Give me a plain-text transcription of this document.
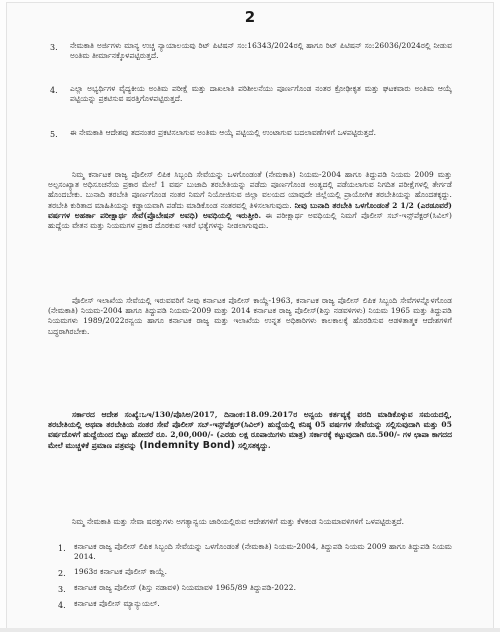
2
3. ನೇಮಕಾತಿ ಅರ್ಜಿಗಳು ಮಾನ್ಯ ಉಚ್ಚ ನ್ಯಾಯಾಲಯವು ರಿಟ್ ಪಿಟಿಷನ್ ಸಂ:16343/2024ರಲ್ಲಿ ಹಾಗೂ ರಿಟ್ ಪಿಟಿಷನ್ ಸಂ:26036/2024ರಲ್ಲಿ ನೀಡುವ ಅಂತಿಮ ತೀರ್ಮಾನಕ್ಕೊಳಪಟ್ಟಿರುತ್ತದೆ.
4. ಎಲ್ಲಾ ಅಭ್ಯರ್ಥಿಗಳ ವೈದ್ಯಕೀಯ ಅಂತಿಮ ಪರೀಕ್ಷೆ ಮತ್ತು ದಾಖಲಾತಿ ಪರಿಶೀಲನೆಯು ಪೂರ್ಣಗೊಂಡ ನಂತರ ಕ್ರೋಢೀಕೃತ ಮತ್ತು ಘಟಕವಾರು ಅಂತಿಮ ಆಯ್ಕೆ ಪಟ್ಟಿಯನ್ನು ಪ್ರಕಟಿಸುವ ಷರತ್ತಿಗೊಳಪಟ್ಟಿರುತ್ತದೆ.
5. ಈ ನೇಮಕಾತಿ ಆದೇಶವು ತದನಂತರ ಪ್ರಕಟಿಸಲಾಗುವ ಅಂತಿಮ ಆಯ್ಕೆ ಪಟ್ಟಿಯಲ್ಲಿ ಉಂಟಾಗುವ ಬದಲಾವಣೆಗಳಿಗೆ ಒಳಪಟ್ಟಿರುತ್ತದೆ.
ನಿಮ್ಮ ಕರ್ನಾಟಕ ರಾಜ್ಯ ಪೊಲೀಸ್ ಲಿಪಿಕ ಸಿಬ್ಬಂದಿ ಸೇವೆಯನ್ನು ಒಳಗೊಂಡಂತೆ (ನೇಮಕಾತಿ) ನಿಯಮ-2004 ಹಾಗೂ ತಿದ್ದುಪಡಿ ನಿಯಮ 2009 ಮತ್ತು ಅಲ್ಪಸಂಖ್ಯಾತ ಅಧಿಸೂಚನೆಯ ಪ್ರಕಾರ ಮೇಲೆ 1 ವರ್ಷ ಬುಜಾದಿ ತರಬೇತಿಯನ್ನು ಪಡೆದು ಪೂರ್ಣಗೊಂಡ ಅಂತ್ಯದಲ್ಲಿ ಪಡೆಯಲಾಗುವ ನಿಗದಿತ ಪರೀಕ್ಷೆಗಳಲ್ಲಿ ತೇರ್ಗಡೆ ಹೊಂದಬೇಕು. ಬುನಾದಿ ತರಬೇತಿ ಪೂರ್ಣಗೊಂಡ ನಂತರ ನಿಮಗೆ ನಿಯೋಜಿಸುವ ಜಿಲ್ಲಾ ವಲಯದ ಯಾವುದೇ ಜಿಲ್ಲೆಯಲ್ಲಿ ಪ್ರಾಯೋಗಿಕ ತರಬೇತಿಯನ್ನು ಹೊಂದತಕ್ಕದ್ದು. ತರಬೇತಿ ಕುರಿತಾದ ಮಾಹಿತಿಯನ್ನು ಕಡ್ಡಾಯವಾಗಿ ಪಡೆದು ಮಾಡಿಕೊಂಡ ನಂತರವಲ್ಲಿ ತಿಳಿಸಲಾಗುವುದು. ನೀವು ಬುನಾದಿ ತರಬೇತಿ ಒಳಗೊಂಡಂತೆ 2 1/2 (ಎರಡೂವರೆ) ವರ್ಷಗಳ ಅಹರ್ತಾ ಪರೀಕ್ಷಾರ್ಥ ಸೇವೆ(ಪ್ರೊಬೇಷನ್ ಅವಧಿ) ಅವಧಿಯಲ್ಲಿ ಇರುತ್ತೀರಿ. ಈ ಪರೀಕ್ಷಾರ್ಥ ಅವಧಿಯಲ್ಲಿ ನಿಮಗೆ ಪೊಲೀಸ್ ಸಬ್-ಇನ್ಸ್‌ಪೆಕ್ಟರ್(ಸಿವಿಲ್) ಹುದ್ದೆಯ ವೇತನ ಮತ್ತು ನಿಯಮಗಳ ಪ್ರಕಾರ ದೊರಕುವ ಇತರೆ ಭತ್ಯೆಗಳನ್ನು ನೀಡಲಾಗುವುದು.
ಪೊಲೀಸ್ ಇಲಾಖೆಯ ಸೇವೆಯಲ್ಲಿ ಇರುವವರಿಗೆ ನೀವು ಕರ್ನಾಟಕ ಪೊಲೀಸ್ ಕಾಯ್ದೆ-1963, ಕರ್ನಾಟಕ ರಾಜ್ಯ ಪೊಲೀಸ್ ಲಿಪಿಕ ಸಿಬ್ಬಂದಿ ಸೇವೆಗಳನ್ನೊಳಗೊಂಡ (ನೇಮಕಾತಿ) ನಿಯಮ-2004 ಹಾಗೂ ತಿದ್ದುಪಡಿ ನಿಯಮ-2009 ಮತ್ತು 2014 ಕರ್ನಾಟಕ ರಾಜ್ಯ ಪೊಲೀಸ್(ಶಿಸ್ತು ನಡವಳಿಗಳು) ನಿಯಮ 1965 ಮತ್ತು ತಿದ್ದುಪಡಿ ನಿಯಮಗಳು 1989/2022ರನ್ವಯ ಹಾಗೂ ಕರ್ನಾಟಕ ರಾಜ್ಯ ಮತ್ತು ಇಲಾಖೆಯ ಉನ್ನತ ಅಧಿಕಾರಿಗಳು ಕಾಲಕಾಲಕ್ಕೆ ಹೊರಡಿಸುವ ಆಡಳಿತಾತ್ಮಕ ಆದೇಶಗಳಿಗೆ ಬದ್ಧರಾಗಿರಬೇಕು.
ಸರ್ಕಾರದ ಆದೇಶ ಸಂಖ್ಯೆ:ಒಇ/130/ಪೊಸಿಅ/2017, ದಿನಾಂಕ:18.09.2017ರ ಅನ್ವಯ ಕರ್ತವ್ಯಕ್ಕೆ ವರದಿ ಮಾಡಿಕೊಳ್ಳುವ ಸಮಯದಲ್ಲಿ, ತರಬೇತಿಯಲ್ಲಿ ಅಥವಾ ತರಬೇತಿಯ ನಂತರ ಸೇವೆ ಪೊಲೀಸ್ ಸಬ್-ಇನ್ಸ್‌ಪೆಕ್ಟರ್(ಸಿವಿಲ್) ಹುದ್ದೆಯಲ್ಲಿ ಕನಿಷ್ಠ 05 ವರ್ಷಗಳ ಸೇವೆಯನ್ನು ಸಲ್ಲಿಸುವುದಾಗಿ ಮತ್ತು 05 ವರ್ಷದೊಳಗೆ ಹುದ್ದೆಯಿಂದ ಬಿಟ್ಟು ಹೋದರೆ ರೂ. 2,00,000/- (ಎರಡು ಲಕ್ಷ ರೂಪಾಯಿಗಳು ಮಾತ್ರ) ಸರ್ಕಾರಕ್ಕೆ ಕಟ್ಟುವುದಾಗಿ ರೂ.500/- ಗಳ ಛಾಪಾ ಕಾಗದದ ಮೇಲೆ ಮುಚ್ಚಳಿಕೆ ಪ್ರಮಾಣ ಪತ್ರವನ್ನು (Indemnity Bond) ಸಲ್ಲಿಸತಕ್ಕದ್ದು.
ನಿಮ್ಮ ನೇಮಕಾತಿ ಮತ್ತು ಸೇವಾ ಷರತ್ತುಗಳು ಅಗತ್ಯಾನ್ವಯ ಜಾರಿಯಲ್ಲಿರುವ ಆದೇಶಗಳಿಗೆ ಮತ್ತು ಕೆಳಕಂಡ ನಿಯಮಾವಳಿಗಳಿಗೆ ಒಳಪಟ್ಟಿರುತ್ತದೆ.
1. ಕರ್ನಾಟಕ ರಾಜ್ಯ ಪೊಲೀಸ್ ಲಿಪಿಕ ಸಿಬ್ಬಂದಿ ಸೇವೆಯನ್ನು ಒಳಗೊಂಡಂತೆ (ನೇಮಕಾತಿ) ನಿಯಮ-2004, ತಿದ್ದುಪಡಿ ನಿಯಮ 2009 ಹಾಗೂ ತಿದ್ದುಪಡಿ ನಿಯಮ 2014.
2. 1963ರ ಕರ್ನಾಟಕ ಪೊಲೀಸ್ ಕಾಯ್ದೆ.
3. ಕರ್ನಾಟಕ ರಾಜ್ಯ ಪೊಲೀಸ್ (ಶಿಸ್ತು ನಡಾವಳಿ) ನಿಯಮಾವಳಿ 1965/89 ತಿದ್ದುಪಡಿ-2022.
4. ಕರ್ನಾಟಕ ಪೊಲೀಸ್ ಮ್ಯಾನ್ಯುಯಲ್.
